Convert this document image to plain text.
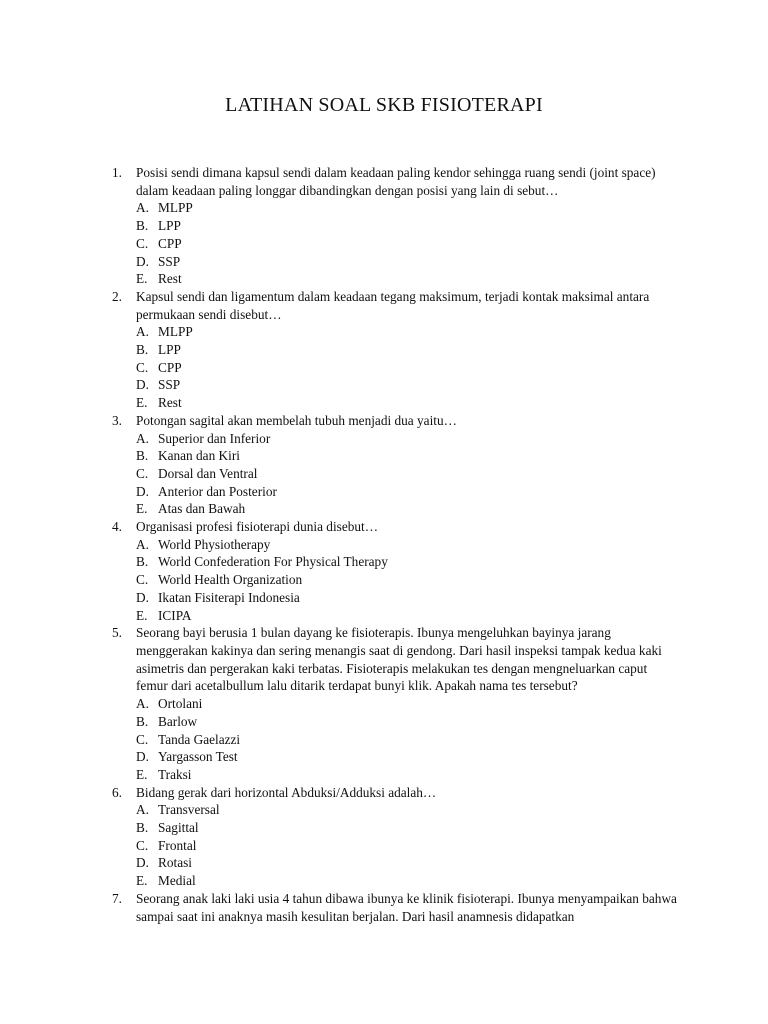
LATIHAN SOAL SKB FISIOTERAPI
1. Posisi sendi dimana kapsul sendi dalam keadaan paling kendor sehingga ruang sendi (joint space) dalam keadaan paling longgar dibandingkan dengan posisi yang lain di sebut…
A. MLPP
B. LPP
C. CPP
D. SSP
E. Rest
2. Kapsul sendi dan ligamentum dalam keadaan tegang maksimum, terjadi kontak maksimal antara permukaan sendi disebut…
A. MLPP
B. LPP
C. CPP
D. SSP
E. Rest
3. Potongan sagital akan membelah tubuh menjadi dua yaitu…
A. Superior dan Inferior
B. Kanan dan Kiri
C. Dorsal dan Ventral
D. Anterior dan Posterior
E. Atas dan Bawah
4. Organisasi profesi fisioterapi dunia disebut…
A. World Physiotherapy
B. World Confederation For Physical Therapy
C. World Health Organization
D. Ikatan Fisiterapi Indonesia
E. ICIPA
5. Seorang bayi berusia 1 bulan dayang ke fisioterapis. Ibunya mengeluhkan bayinya jarang menggerakan kakinya dan sering menangis saat di gendong. Dari hasil inspeksi tampak kedua kaki asimetris dan pergerakan kaki terbatas. Fisioterapis melakukan tes dengan mengneluarkan caput femur dari acetalbullum lalu ditarik terdapat bunyi klik. Apakah nama tes tersebut?
A. Ortolani
B. Barlow
C. Tanda Gaelazzi
D. Yargasson Test
E. Traksi
6. Bidang gerak dari horizontal Abduksi/Adduksi adalah…
A. Transversal
B. Sagittal
C. Frontal
D. Rotasi
E. Medial
7. Seorang anak laki laki usia 4 tahun dibawa ibunya ke klinik fisioterapi. Ibunya menyampaikan bahwa sampai saat ini anaknya masih kesulitan berjalan. Dari hasil anamnesis didapatkan
